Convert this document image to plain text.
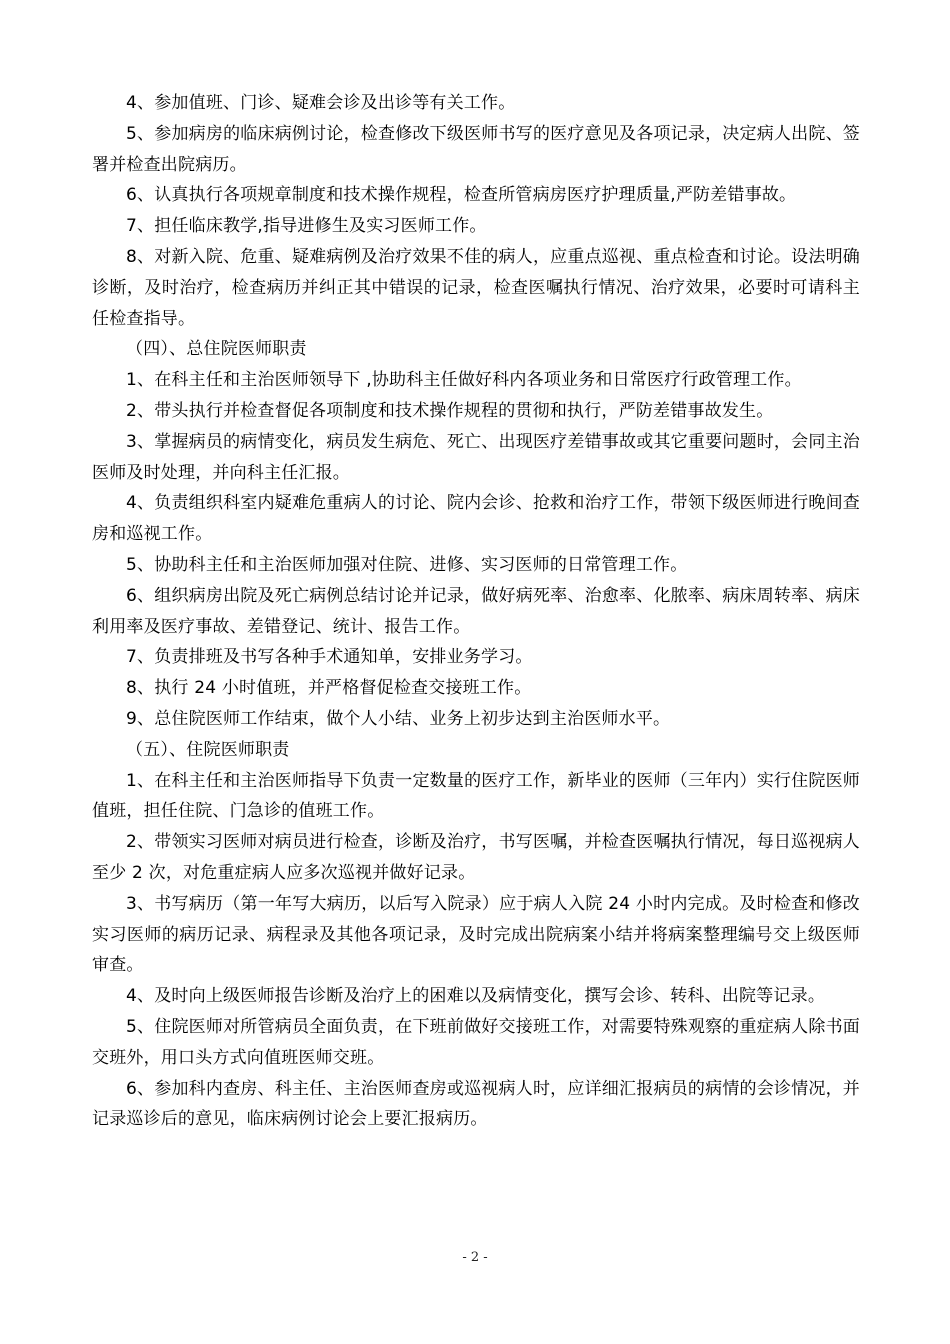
4、参加值班、门诊、疑难会诊及出诊等有关工作。

5、参加病房的临床病例讨论，检查修改下级医师书写的医疗意见及各项记录，决定病人出院、签署并检查出院病历。

6、认真执行各项规章制度和技术操作规程，检查所管病房医疗护理质量,严防差错事故。

7、担任临床教学,指导进修生及实习医师工作。

8、对新入院、危重、疑难病例及治疗效果不佳的病人，应重点巡视、重点检查和讨论。设法明确诊断，及时治疗，检查病历并纠正其中错误的记录，检查医嘱执行情况、治疗效果，必要时可请科主任检查指导。

（四）、总住院医师职责

1、在科主任和主治医师领导下 ,协助科主任做好科内各项业务和日常医疗行政管理工作。

2、带头执行并检查督促各项制度和技术操作规程的贯彻和执行，严防差错事故发生。

3、掌握病员的病情变化，病员发生病危、死亡、出现医疗差错事故或其它重要问题时，会同主治医师及时处理，并向科主任汇报。

4、负责组织科室内疑难危重病人的讨论、院内会诊、抢救和治疗工作，带领下级医师进行晚间查房和巡视工作。

5、协助科主任和主治医师加强对住院、进修、实习医师的日常管理工作。

6、组织病房出院及死亡病例总结讨论并记录，做好病死率、治愈率、化脓率、病床周转率、病床利用率及医疗事故、差错登记、统计、报告工作。

7、负责排班及书写各种手术通知单，安排业务学习。

8、执行 24 小时值班，并严格督促检查交接班工作。

9、总住院医师工作结束，做个人小结、业务上初步达到主治医师水平。

（五）、住院医师职责

1、在科主任和主治医师指导下负责一定数量的医疗工作，新毕业的医师（三年内）实行住院医师值班，担任住院、门急诊的值班工作。

2、带领实习医师对病员进行检查，诊断及治疗，书写医嘱，并检查医嘱执行情况，每日巡视病人至少 2 次，对危重症病人应多次巡视并做好记录。

3、书写病历（第一年写大病历，以后写入院录）应于病人入院 24 小时内完成。及时检查和修改实习医师的病历记录、病程录及其他各项记录，及时完成出院病案小结并将病案整理编号交上级医师审查。

4、及时向上级医师报告诊断及治疗上的困难以及病情变化，撰写会诊、转科、出院等记录。

5、住院医师对所管病员全面负责，在下班前做好交接班工作，对需要特殊观察的重症病人除书面交班外，用口头方式向值班医师交班。

6、参加科内查房、科主任、主治医师查房或巡视病人时，应详细汇报病员的病情的会诊情况，并记录巡诊后的意见，临床病例讨论会上要汇报病历。

- 2 -
